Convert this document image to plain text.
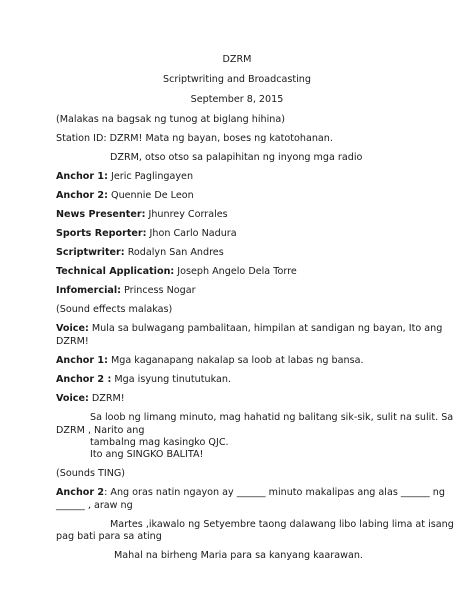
DZRM
Scriptwriting and Broadcasting
September 8, 2015
(Malakas na bagsak ng tunog at biglang hihina)
Station ID: DZRM! Mata ng bayan, boses ng katotohanan.
DZRM, otso otso sa palapihitan ng inyong mga radio
Anchor 1: Jeric Paglingayen
Anchor 2: Quennie De Leon
News Presenter: Jhunrey Corrales
Sports Reporter: Jhon Carlo Nadura
Scriptwriter: Rodalyn San Andres
Technical Application: Joseph Angelo Dela Torre
Infomercial: Princess Nogar
(Sound effects malakas)
Voice: Mula sa bulwagang pambalitaan, himpilan at sandigan ng bayan, Ito ang
DZRM!
Anchor 1: Mga kaganapang nakalap sa loob at labas ng bansa.
Anchor 2 : Mga isyung tinututukan.
Voice: DZRM!
Sa loob ng limang minuto, mag hahatid ng balitang sik-sik, sulit na sulit. Sa
DZRM , Narito ang
tambalng mag kasingko QJC.
Ito ang SINGKO BALITA!
(Sounds TING)
Anchor 2: Ang oras natin ngayon ay ______ minuto makalipas ang alas ______ ng
______ , araw ng
Martes ,ikawalo ng Setyembre taong dalawang libo labing lima at isang
pag bati para sa ating
Mahal na birheng Maria para sa kanyang kaarawan.
